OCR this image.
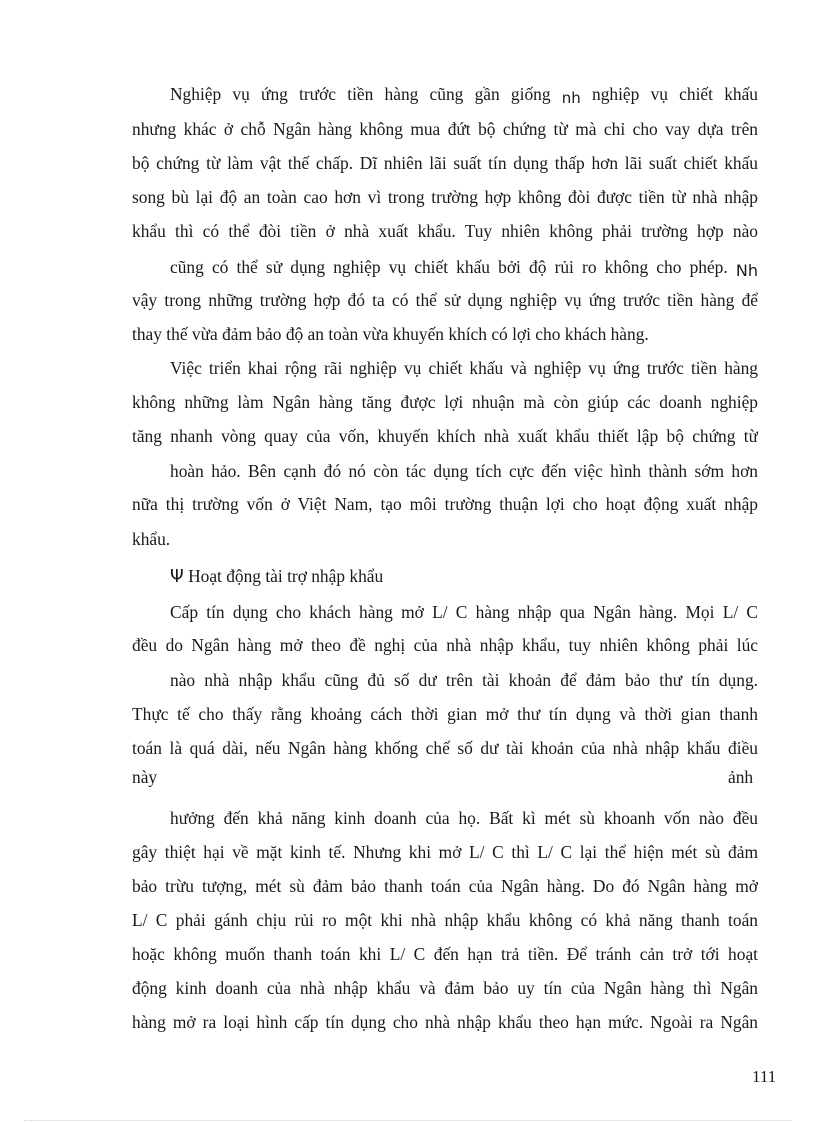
Nghiệp vụ ứng trước tiền hàng cũng gần giống nh nghiệp vụ chiết khấu
nhưng khác ở chỗ Ngân hàng không mua đứt bộ chứng từ mà chỉ cho vay dựa trên
bộ chứng từ làm vật thế chấp. Dĩ nhiên lãi suất tín dụng thấp hơn lãi suất chiết khấu
song bù lại độ an toàn cao hơn vì trong trường hợp không đòi được tiền từ nhà nhập
khẩu thì có thể đòi tiền ở nhà xuất khẩu. Tuy nhiên không phải trường hợp nào
cũng có thể sử dụng nghiệp vụ chiết khấu bởi độ rủi ro không cho phép. Nh
vậy trong những trường hợp đó ta có thể sử dụng nghiệp vụ ứng trước tiền hàng để
thay thế vừa đảm bảo độ an toàn vừa khuyến khích có lợi cho khách hàng.
Việc triển khai rộng rãi nghiệp vụ chiết khấu và nghiệp vụ ứng trước tiền hàng
không những làm Ngân hàng tăng được lợi nhuận mà còn giúp các doanh nghiệp
tăng nhanh vòng quay của vốn, khuyến khích nhà xuất khẩu thiết lập bộ chứng từ
hoàn hảo. Bên cạnh đó nó còn tác dụng tích cực đến việc hình thành sớm hơn
nữa thị trường vốn ở Việt Nam, tạo môi trường thuận lợi cho hoạt động xuất nhập
khẩu.
Ψ Hoạt động tài trợ nhập khẩu
Cấp tín dụng cho khách hàng mở L/ C hàng nhập qua Ngân hàng. Mọi L/ C
đều do Ngân hàng mở theo đề nghị của nhà nhập khẩu, tuy nhiên không phải lúc
nào nhà nhập khẩu cũng đủ số dư trên tài khoản để đảm bảo thư tín dụng.
Thực tế cho thấy rằng khoảng cách thời gian mở thư tín dụng và thời gian thanh
toán là quá dài, nếu Ngân hàng khống chế số dư tài khoản của nhà nhập khẩu điều
này	ảnh
hưởng đến khả năng kinh doanh của họ. Bất kì mét sù khoanh vốn nào đều
gây thiệt hại về mặt kinh tế. Nhưng khi mở L/ C thì L/ C lại thể hiện mét sù đảm
bảo trừu tượng, mét sù đảm bảo thanh toán của Ngân hàng. Do đó Ngân hàng mở
L/ C phải gánh chịu rủi ro một khi nhà nhập khẩu không có khả năng thanh toán
hoặc không muốn thanh toán khi L/ C đến hạn trả tiền. Để tránh cản trở tới hoạt
động kinh doanh của nhà nhập khẩu và đảm bảo uy tín của Ngân hàng thì Ngân
hàng mở ra loại hình cấp tín dụng cho nhà nhập khẩu theo hạn mức. Ngoài ra Ngân
111
